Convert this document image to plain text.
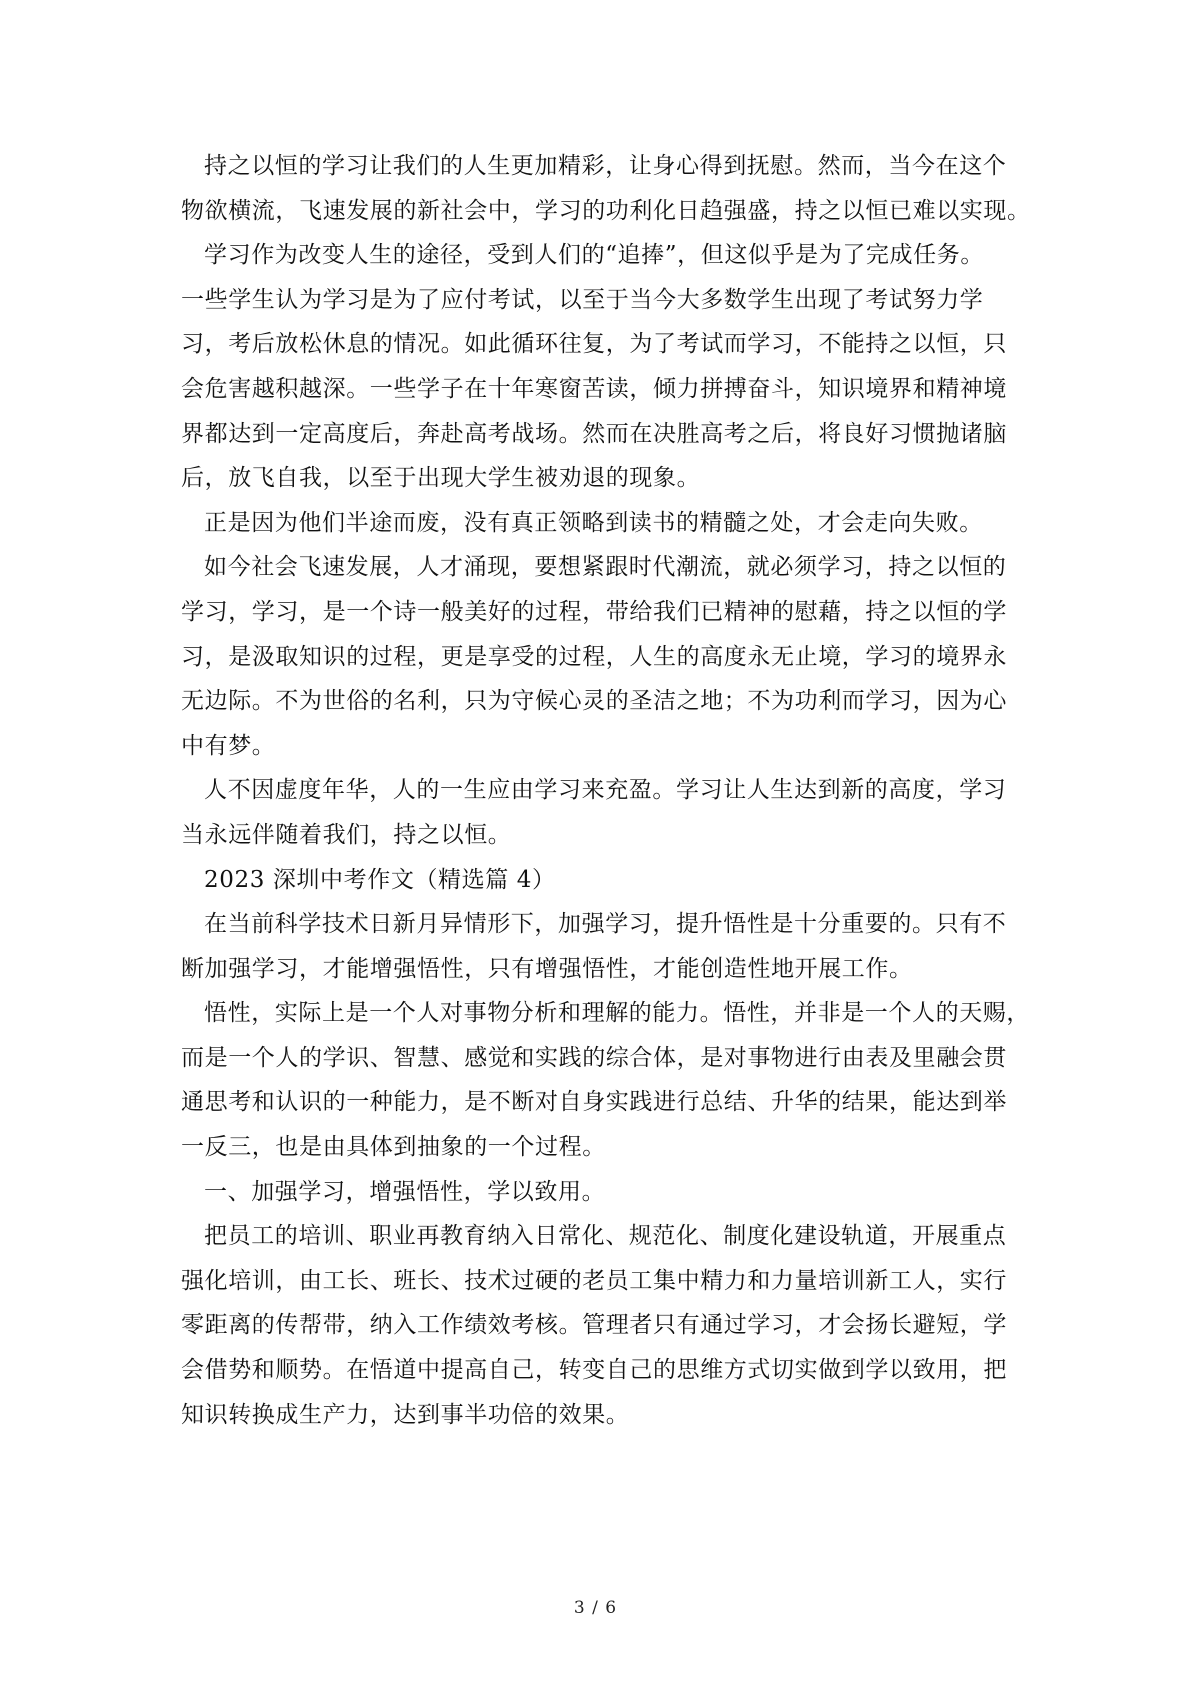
持之以恒的学习让我们的人生更加精彩，让身心得到抚慰。然而，当今在这个
物欲横流，飞速发展的新社会中，学习的功利化日趋强盛，持之以恒已难以实现。
学习作为改变人生的途径，受到人们的“追捧”，但这似乎是为了完成任务。
一些学生认为学习是为了应付考试，以至于当今大多数学生出现了考试努力学
习，考后放松休息的情况。如此循环往复，为了考试而学习，不能持之以恒，只
会危害越积越深。一些学子在十年寒窗苦读，倾力拼搏奋斗，知识境界和精神境
界都达到一定高度后，奔赴高考战场。然而在决胜高考之后，将良好习惯抛诸脑
后，放飞自我，以至于出现大学生被劝退的现象。
正是因为他们半途而废，没有真正领略到读书的精髓之处，才会走向失败。
如今社会飞速发展，人才涌现，要想紧跟时代潮流，就必须学习，持之以恒的
学习，学习，是一个诗一般美好的过程，带给我们已精神的慰藉，持之以恒的学
习，是汲取知识的过程，更是享受的过程，人生的高度永无止境，学习的境界永
无边际。不为世俗的名利，只为守候心灵的圣洁之地；不为功利而学习，因为心
中有梦。
人不因虚度年华，人的一生应由学习来充盈。学习让人生达到新的高度，学习
当永远伴随着我们，持之以恒。
2023 深圳中考作文（精选篇 4）
在当前科学技术日新月异情形下，加强学习，提升悟性是十分重要的。只有不
断加强学习，才能增强悟性，只有增强悟性，才能创造性地开展工作。
悟性，实际上是一个人对事物分析和理解的能力。悟性，并非是一个人的天赐，
而是一个人的学识、智慧、感觉和实践的综合体，是对事物进行由表及里融会贯
通思考和认识的一种能力，是不断对自身实践进行总结、升华的结果，能达到举
一反三，也是由具体到抽象的一个过程。
一、加强学习，增强悟性，学以致用。
把员工的培训、职业再教育纳入日常化、规范化、制度化建设轨道，开展重点
强化培训，由工长、班长、技术过硬的老员工集中精力和力量培训新工人，实行
零距离的传帮带，纳入工作绩效考核。管理者只有通过学习，才会扬长避短，学
会借势和顺势。在悟道中提高自己，转变自己的思维方式切实做到学以致用，把
知识转换成生产力，达到事半功倍的效果。
3 / 6
